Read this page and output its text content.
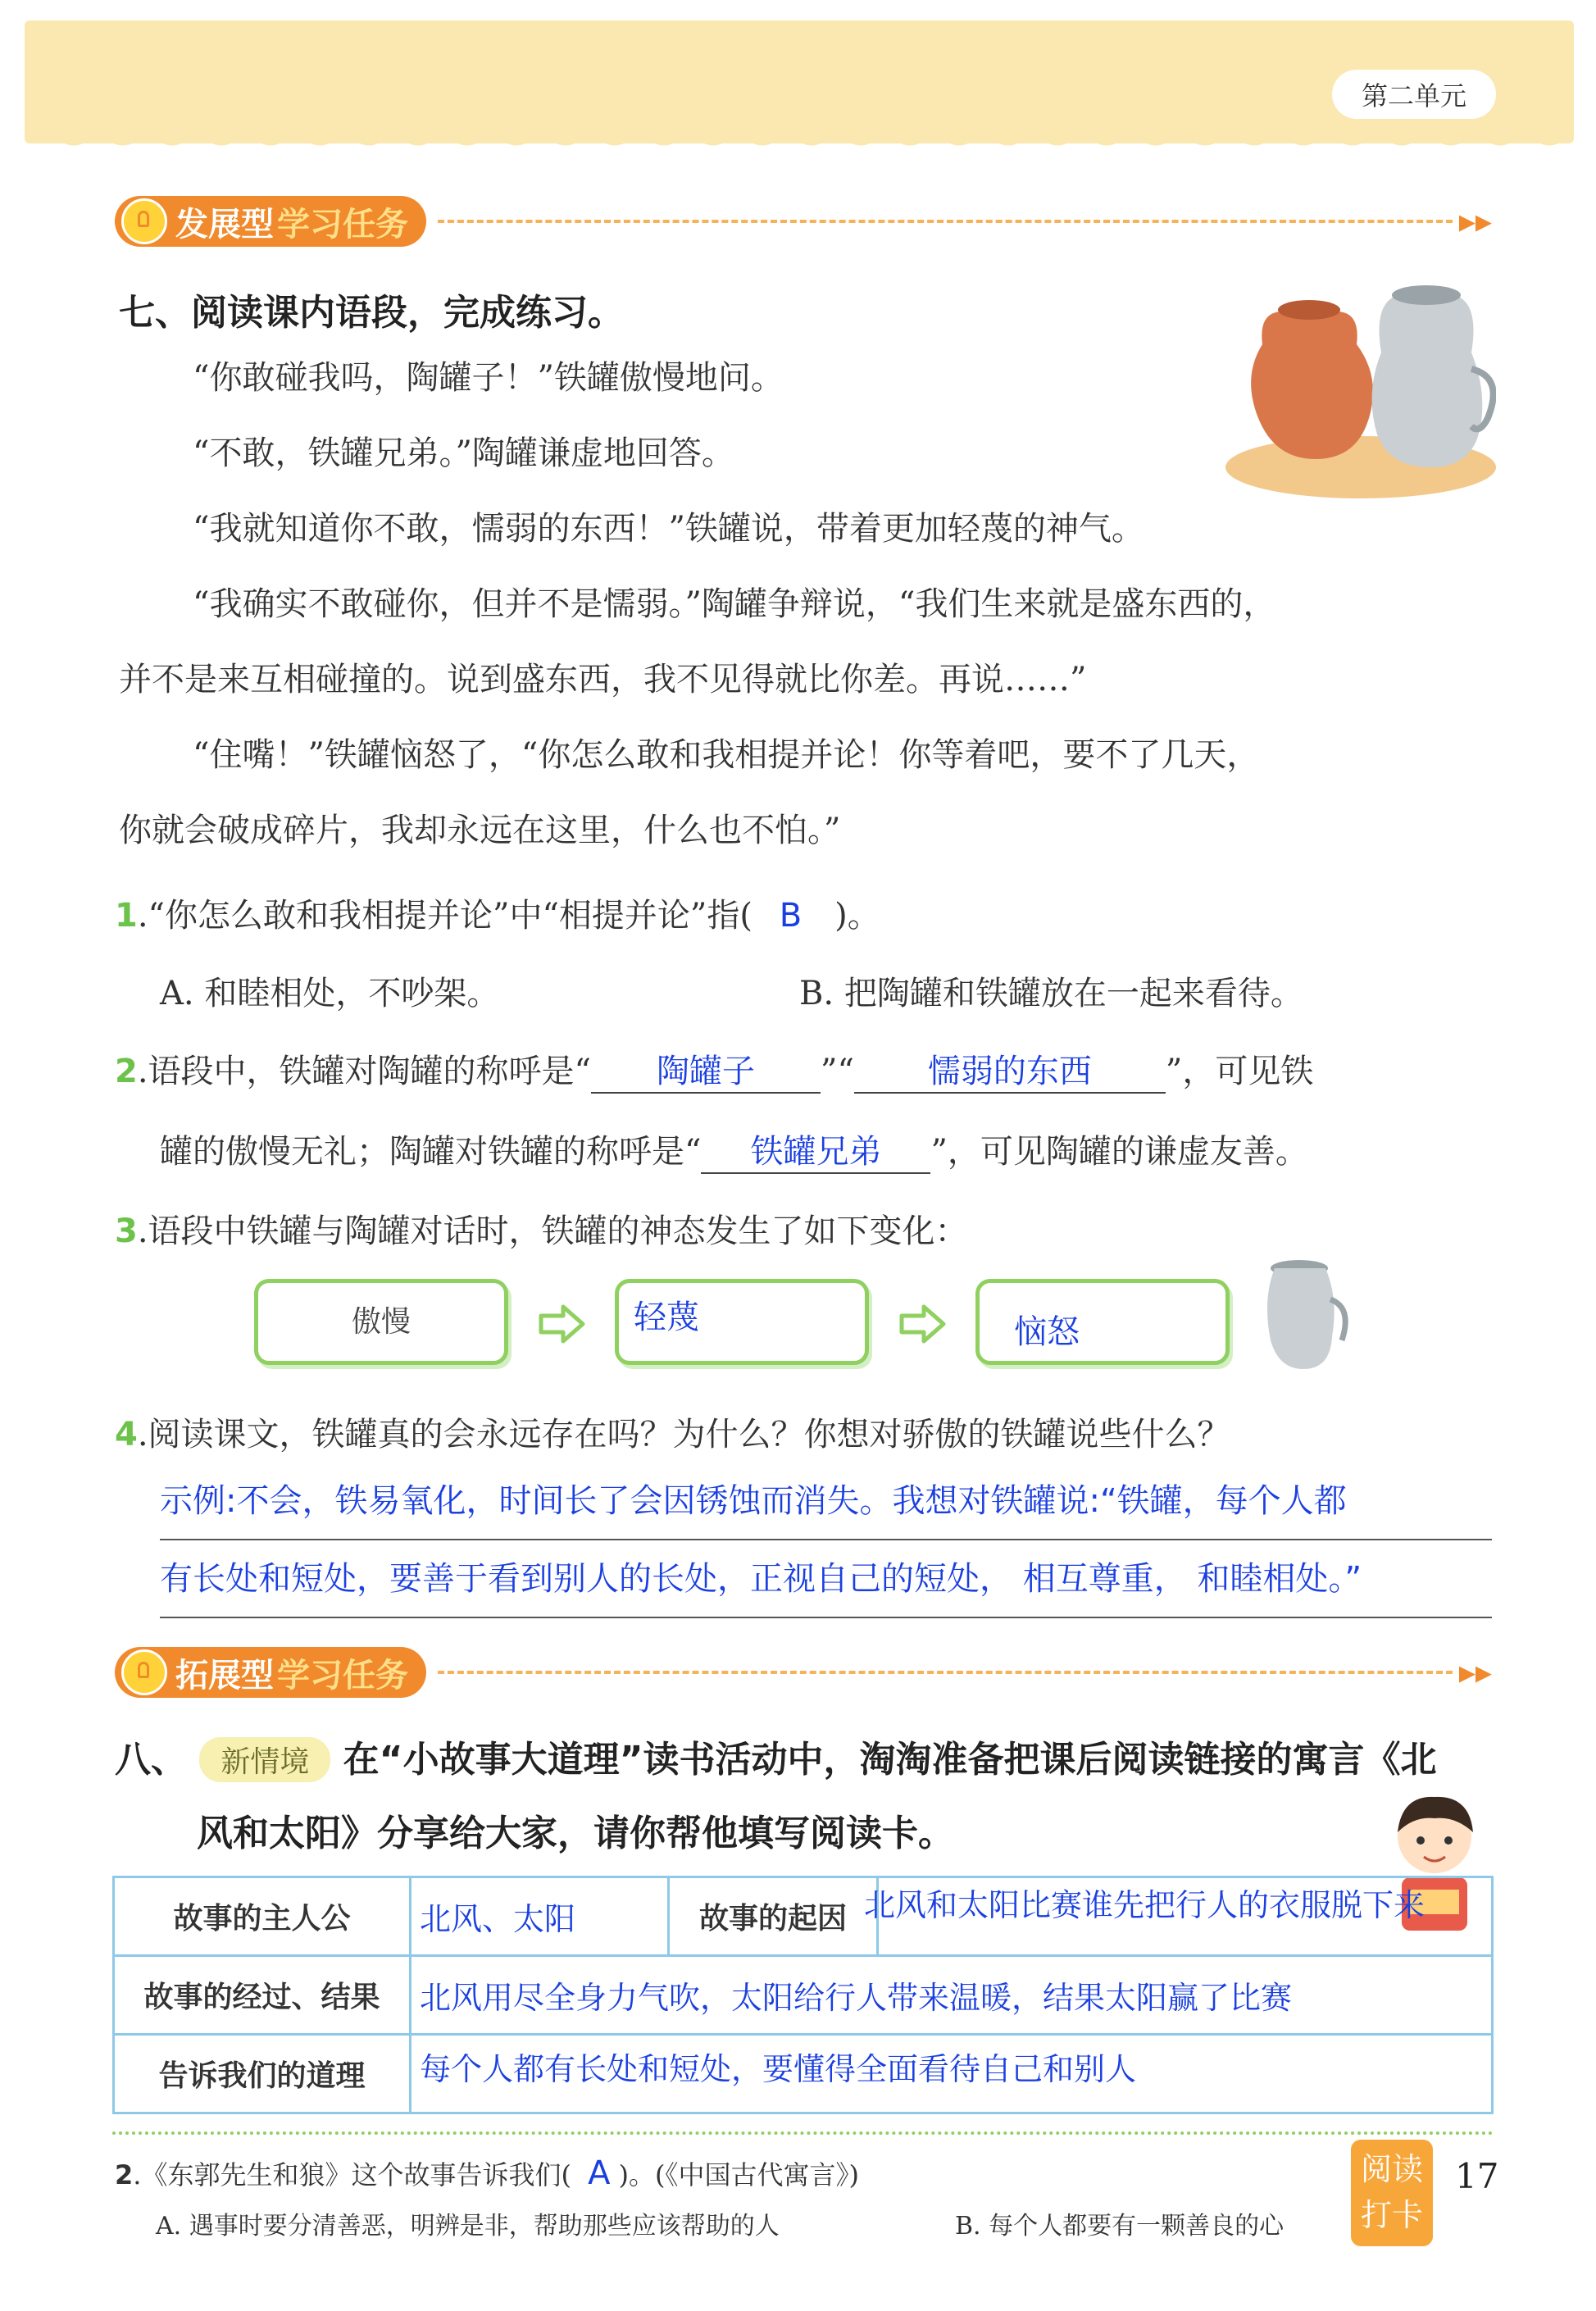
第二单元
发展型 学习任务	▸▸
七、阅读课内语段，完成练习。
“你敢碰我吗，陶罐子！”铁罐傲慢地问。
“不敢，铁罐兄弟。”陶罐谦虚地回答。
“我就知道你不敢，懦弱的东西！”铁罐说，带着更加轻蔑的神气。
“我确实不敢碰你，但并不是懦弱。”陶罐争辩说，“我们生来就是盛东西的，
并不是来互相碰撞的。说到盛东西，我不见得就比你差。再说……”
“住嘴！”铁罐恼怒了，“你怎么敢和我相提并论！你等着吧，要不了几天，
你就会破成碎片，我却永远在这里，什么也不怕。”
1.“你怎么敢和我相提并论”中“相提并论”指( B )。
A. 和睦相处，不吵架。	B. 把陶罐和铁罐放在一起来看待。
2.语段中，铁罐对陶罐的称呼是“ 陶罐子 ”“ 懦弱的东西 ”，可见铁
罐的傲慢无礼；陶罐对铁罐的称呼是“ 铁罐兄弟 ”，可见陶罐的谦虚友善。
3.语段中铁罐与陶罐对话时，铁罐的神态发生了如下变化：
傲慢	轻蔑	恼怒
4.阅读课文，铁罐真的会永远存在吗？为什么？你想对骄傲的铁罐说些什么？
示例:不会，铁易氧化，时间长了会因锈蚀而消失。我想对铁罐说:“铁罐，每个人都
有长处和短处，要善于看到别人的长处，正视自己的短处， 相互尊重， 和睦相处。”
拓展型 学习任务	▸▸
八、 新情境 在“小故事大道理”读书活动中，淘淘准备把课后阅读链接的寓言《北
风和太阳》分享给大家，请你帮他填写阅读卡。
故事的主人公	北风、太阳	故事的起因	北风和太阳比赛谁先把行人的衣服脱下来

故事的经过、结果	北风用尽全身力气吹，太阳给行人带来温暖，结果太阳赢了比赛		
告诉我们的道理	每个人都有长处和短处，要懂得全面看待自己和别人		
2.《东郭先生和狼》这个故事告诉我们( A )。(《中国古代寓言》)
A. 遇事时要分清善恶，明辨是非，帮助那些应该帮助的人	B. 每个人都要有一颗善良的心
阅读打卡
17
